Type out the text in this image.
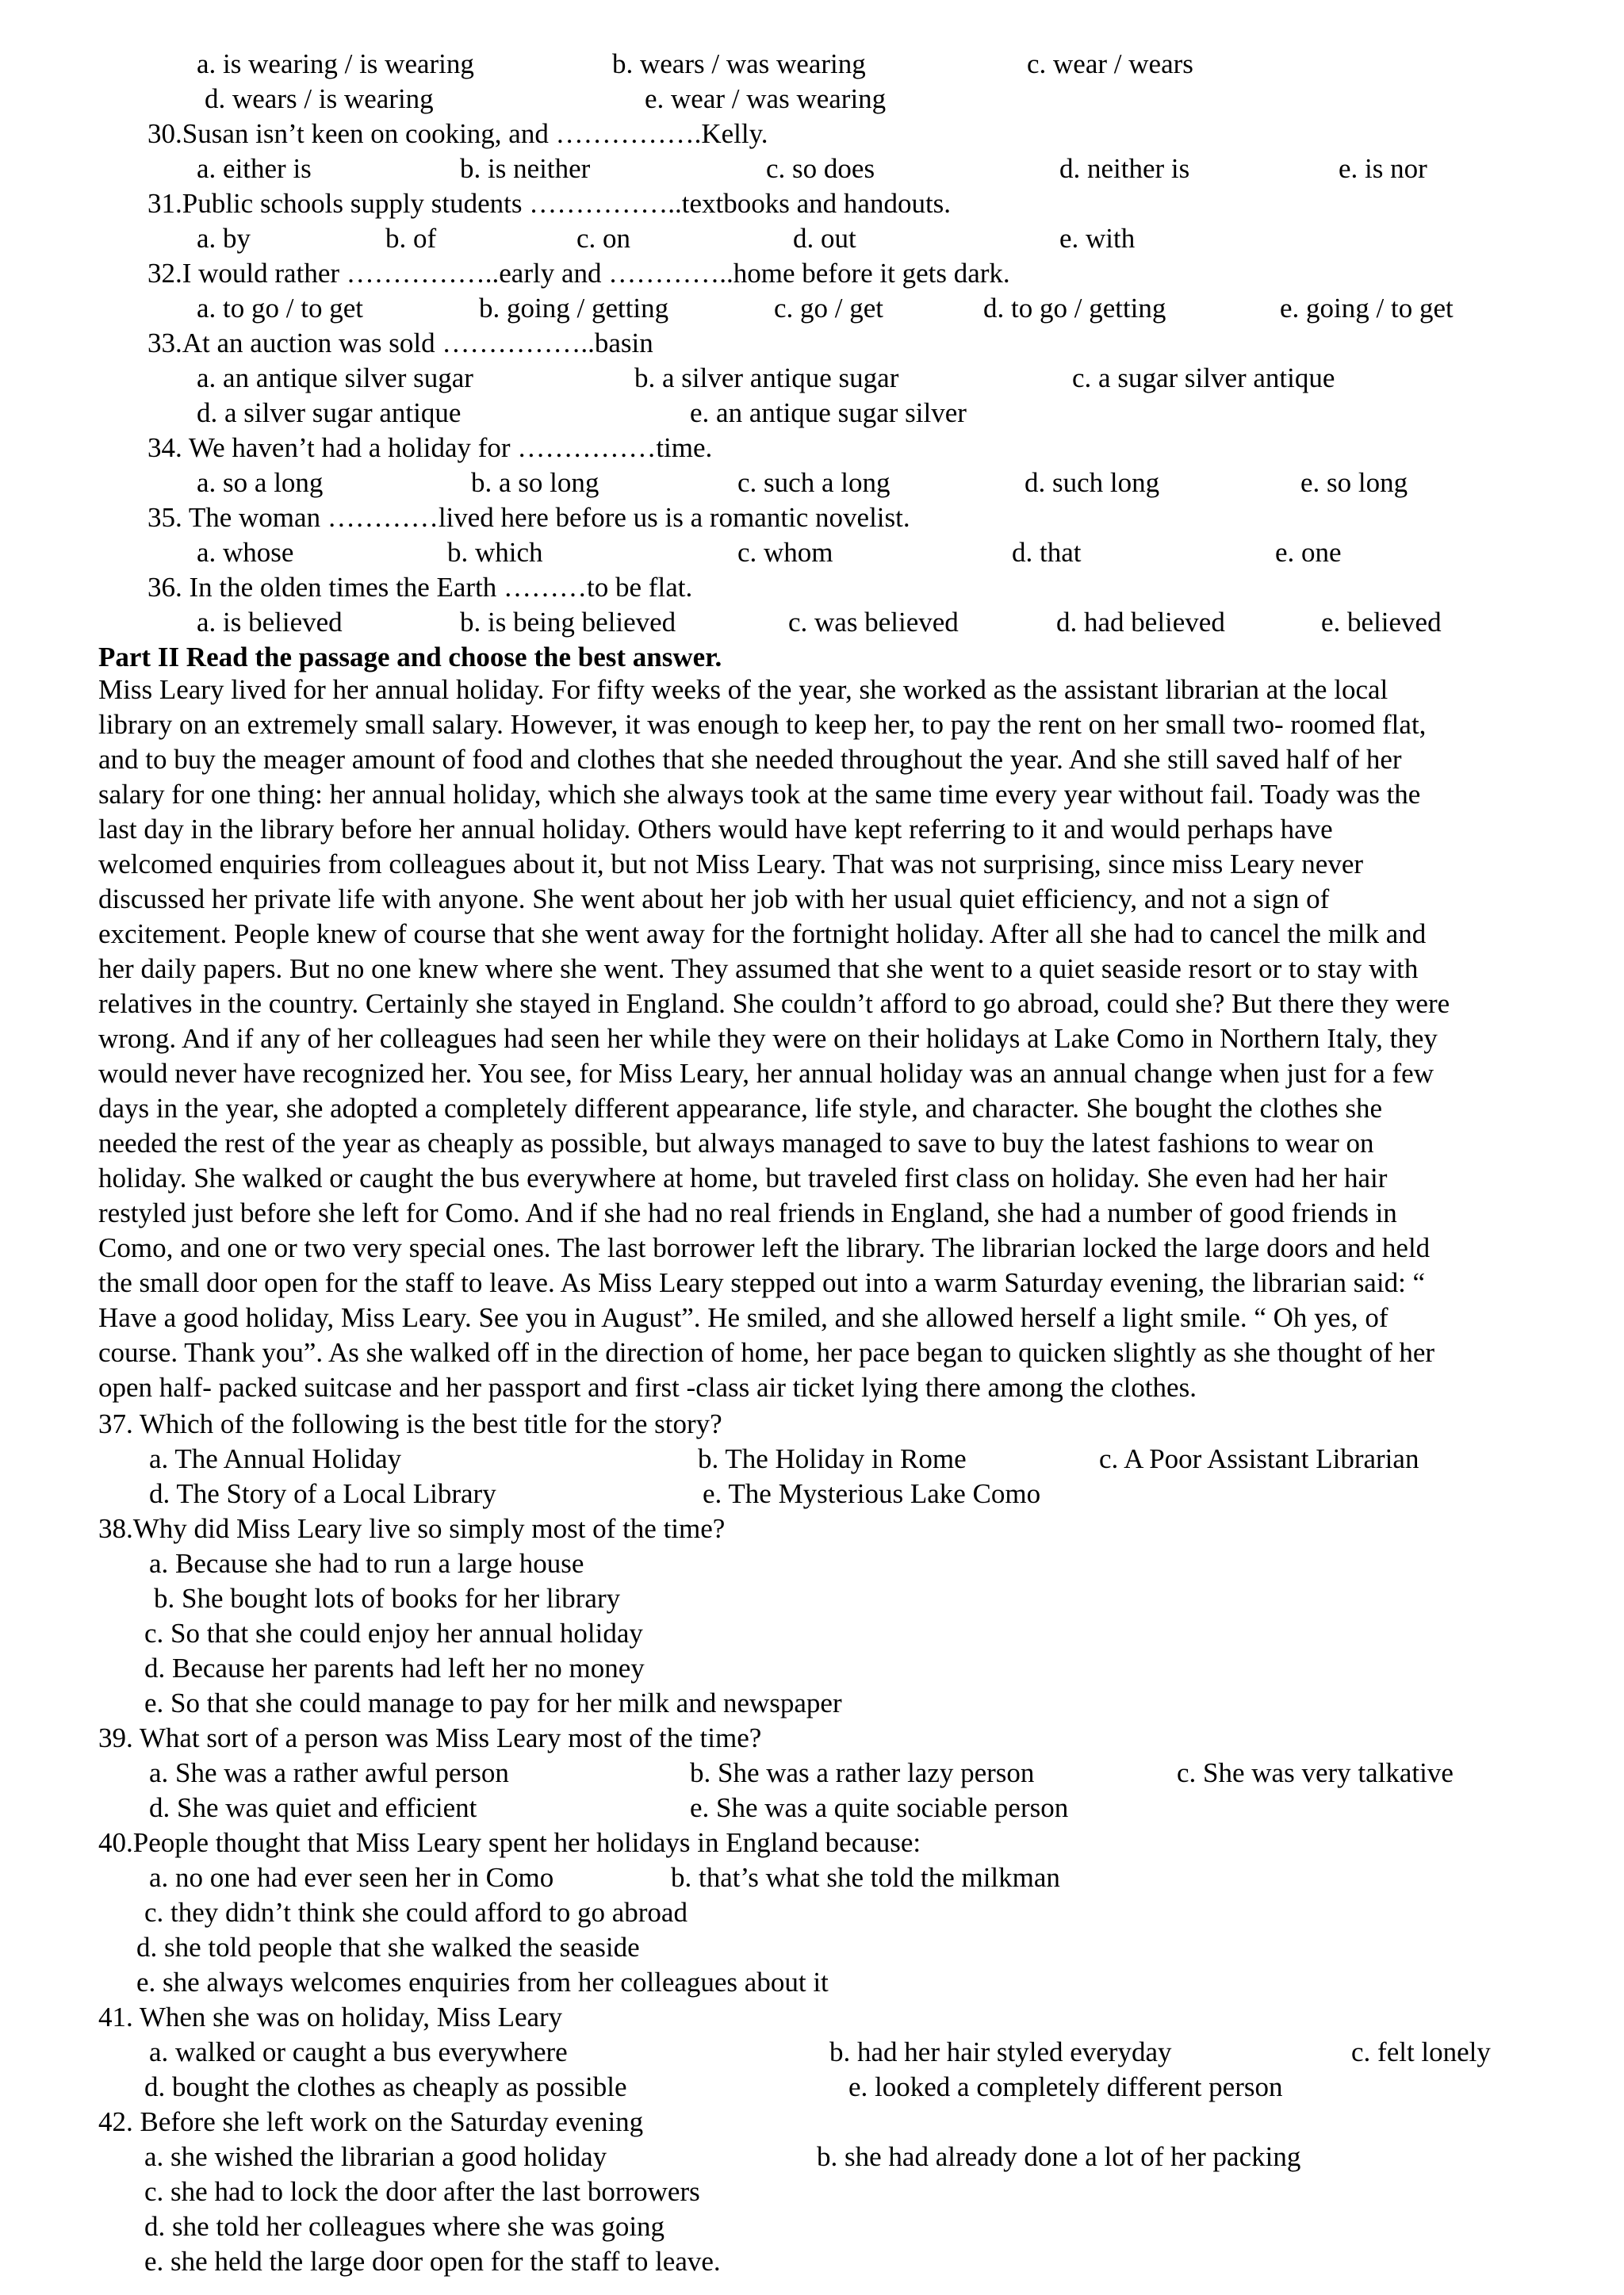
a. is wearing / is wearing	b. wears / was wearing	c. wear / wears
d. wears / is wearing	e. wear / was wearing
30.Susan isn’t keen on cooking, and …………….Kelly.
a. either is	b. is neither	c. so does	d. neither is	e. is nor
31.Public schools supply students ……………..textbooks and handouts.
a. by	b. of	c. on	d. out	e. with
32.I would rather ……………..early and …………..home before it gets dark.
a. to go / to get	b. going / getting	c. go / get	d. to go / getting	e. going / to get
33.At an auction was sold ……………..basin
a. an antique silver sugar	b. a silver antique sugar	c. a sugar silver antique
d. a silver sugar antique	e. an antique sugar silver
34. We haven’t had a holiday for ……………time.
a. so a long	b. a so long	c. such a long	d. such long	e. so long
35. The woman …………lived here before us is a romantic novelist.
a. whose	b. which	c. whom	d. that	e. one
36. In the olden times the Earth ………to be flat.
a. is believed	b. is being believed	c. was believed	d. had believed	e. believed
Part II Read the passage and choose the best answer.
Miss Leary lived for her annual holiday. For fifty weeks of the year, she worked as the assistant librarian at the local
library on an extremely small salary. However, it was enough to keep her, to pay the rent on her small two- roomed flat,
and to buy the meager amount of food and clothes that she needed throughout the year. And she still saved half of her
salary for one thing: her annual holiday, which she always took at the same time every year without fail. Toady was the
last day in the library before her annual holiday. Others would have kept referring to it and would perhaps have
welcomed enquiries from colleagues about it, but not Miss Leary. That was not surprising, since miss Leary never
discussed her private life with anyone. She went about her job with her usual quiet efficiency, and not a sign of
excitement. People knew of course that she went away for the fortnight holiday. After all she had to cancel the milk and
her daily papers. But no one knew where she went. They assumed that she went to a quiet seaside resort or to stay with
relatives in the country. Certainly she stayed in England. She couldn’t afford to go abroad, could she? But there they were
wrong. And if any of her colleagues had seen her while they were on their holidays at Lake Como in Northern Italy, they
would never have recognized her. You see, for Miss Leary, her annual holiday was an annual change when just for a few
days in the year, she adopted a completely different appearance, life style, and character. She bought the clothes she
needed the rest of the year as cheaply as possible, but always managed to save to buy the latest fashions to wear on
holiday. She walked or caught the bus everywhere at home, but traveled first class on holiday. She even had her hair
restyled just before she left for Como. And if she had no real friends in England, she had a number of good friends in
Como, and one or two very special ones. The last borrower left the library. The librarian locked the large doors and held
the small door open for the staff to leave. As Miss Leary stepped out into a warm Saturday evening, the librarian said: “
Have a good holiday, Miss Leary. See you in August”. He smiled, and she allowed herself a light smile. “ Oh yes, of
course. Thank you”. As she walked off in the direction of home, her pace began to quicken slightly as she thought of her
open half- packed suitcase and her passport and first -class air ticket lying there among the clothes.
37. Which of the following is the best title for the story?
a. The Annual Holiday	b. The Holiday in Rome	c. A Poor Assistant Librarian
d. The Story of a Local Library	e. The Mysterious Lake Como
38.Why did Miss Leary live so simply most of the time?
a. Because she had to run a large house
b. She bought lots of books for her library
c. So that she could enjoy her annual holiday
d. Because her parents had left her no money
e. So that she could manage to pay for her milk and newspaper
39. What sort of a person was Miss Leary most of the time?
a. She was a rather awful person	b. She was a rather lazy person	c. She was very talkative
d. She was quiet and efficient	e. She was a quite sociable person
40.People thought that Miss Leary spent her holidays in England because:
a. no one had ever seen her in Como	b. that’s what she told the milkman
c. they didn’t think she could afford to go abroad
d. she told people that she walked the seaside
e. she always welcomes enquiries from her colleagues about it
41. When she was on holiday, Miss Leary
a. walked or caught a bus everywhere	b. had her hair styled everyday	c. felt lonely
d. bought the clothes as cheaply as possible	e. looked a completely different person
42. Before she left work on the Saturday evening
a. she wished the librarian a good holiday	b. she had already done a lot of her packing
c. she had to lock the door after the last borrowers
d. she told her colleagues where she was going
e. she held the large door open for the staff to leave.
